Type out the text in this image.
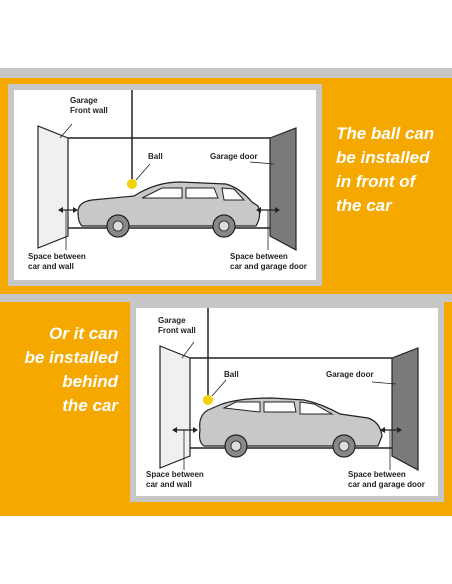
Garage
Front wall
Ball	Garage door
Space between
car and wall
Space between
car and garage door
The ball can
be installed
in front of
the car
Garage
Front wall
Ball	Garage door
Space between
car and wall
Space between
car and garage door
Or it can
be installed
behind
the car
